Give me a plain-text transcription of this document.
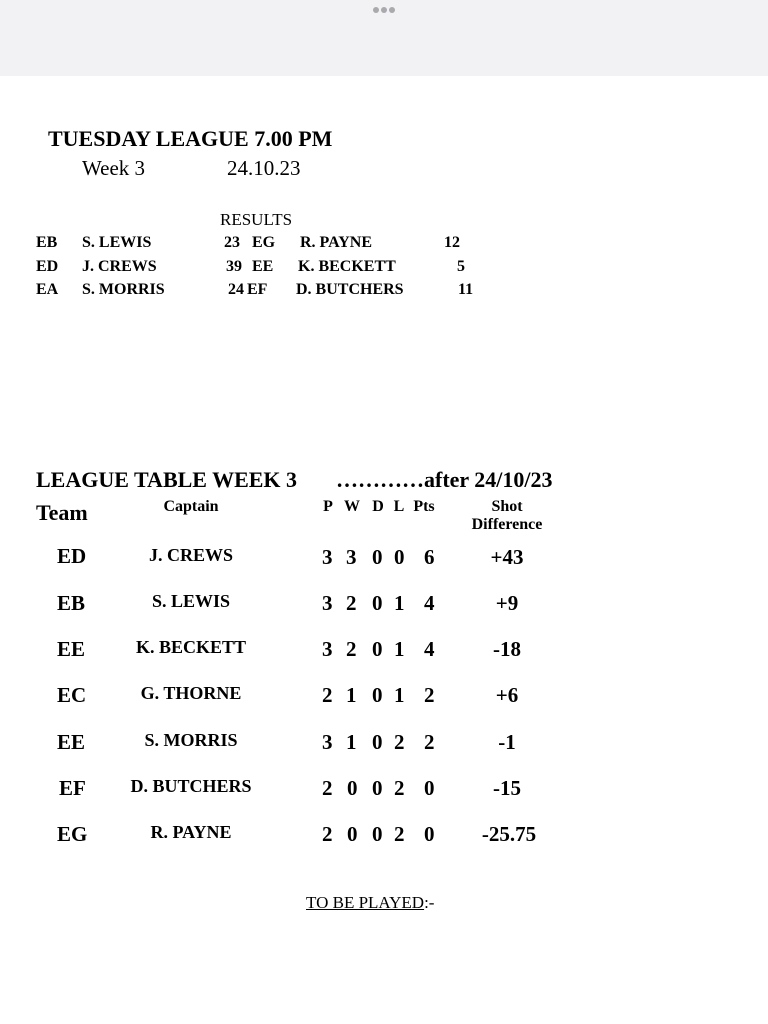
TUESDAY LEAGUE 7.00 PM
Week 3	24.10.23
RESULTS
EB S. LEWIS	23 EG R. PAYNE	12
ED J. CREWS	39 EE K. BECKETT	5
EA S. MORRIS	24 EF D. BUTCHERS	11
LEAGUE TABLE WEEK 3 …………after 24/10/23
Team	Captain	P W D L Pts	Shot
Difference
ED	J. CREWS	3 3 0 0 6	+43
EB	S. LEWIS	3 2 0 1 4	+9
EE	K. BECKETT	3 2 0 1 4	-18
EC	G. THORNE	2 1 0 1 2	+6
EE	S. MORRIS	3 1 0 2 2	-1
EF	D. BUTCHERS	2 0 0 2 0	-15
EG	R. PAYNE	2 0 0 2 0	-25.75
TO BE PLAYED:-
